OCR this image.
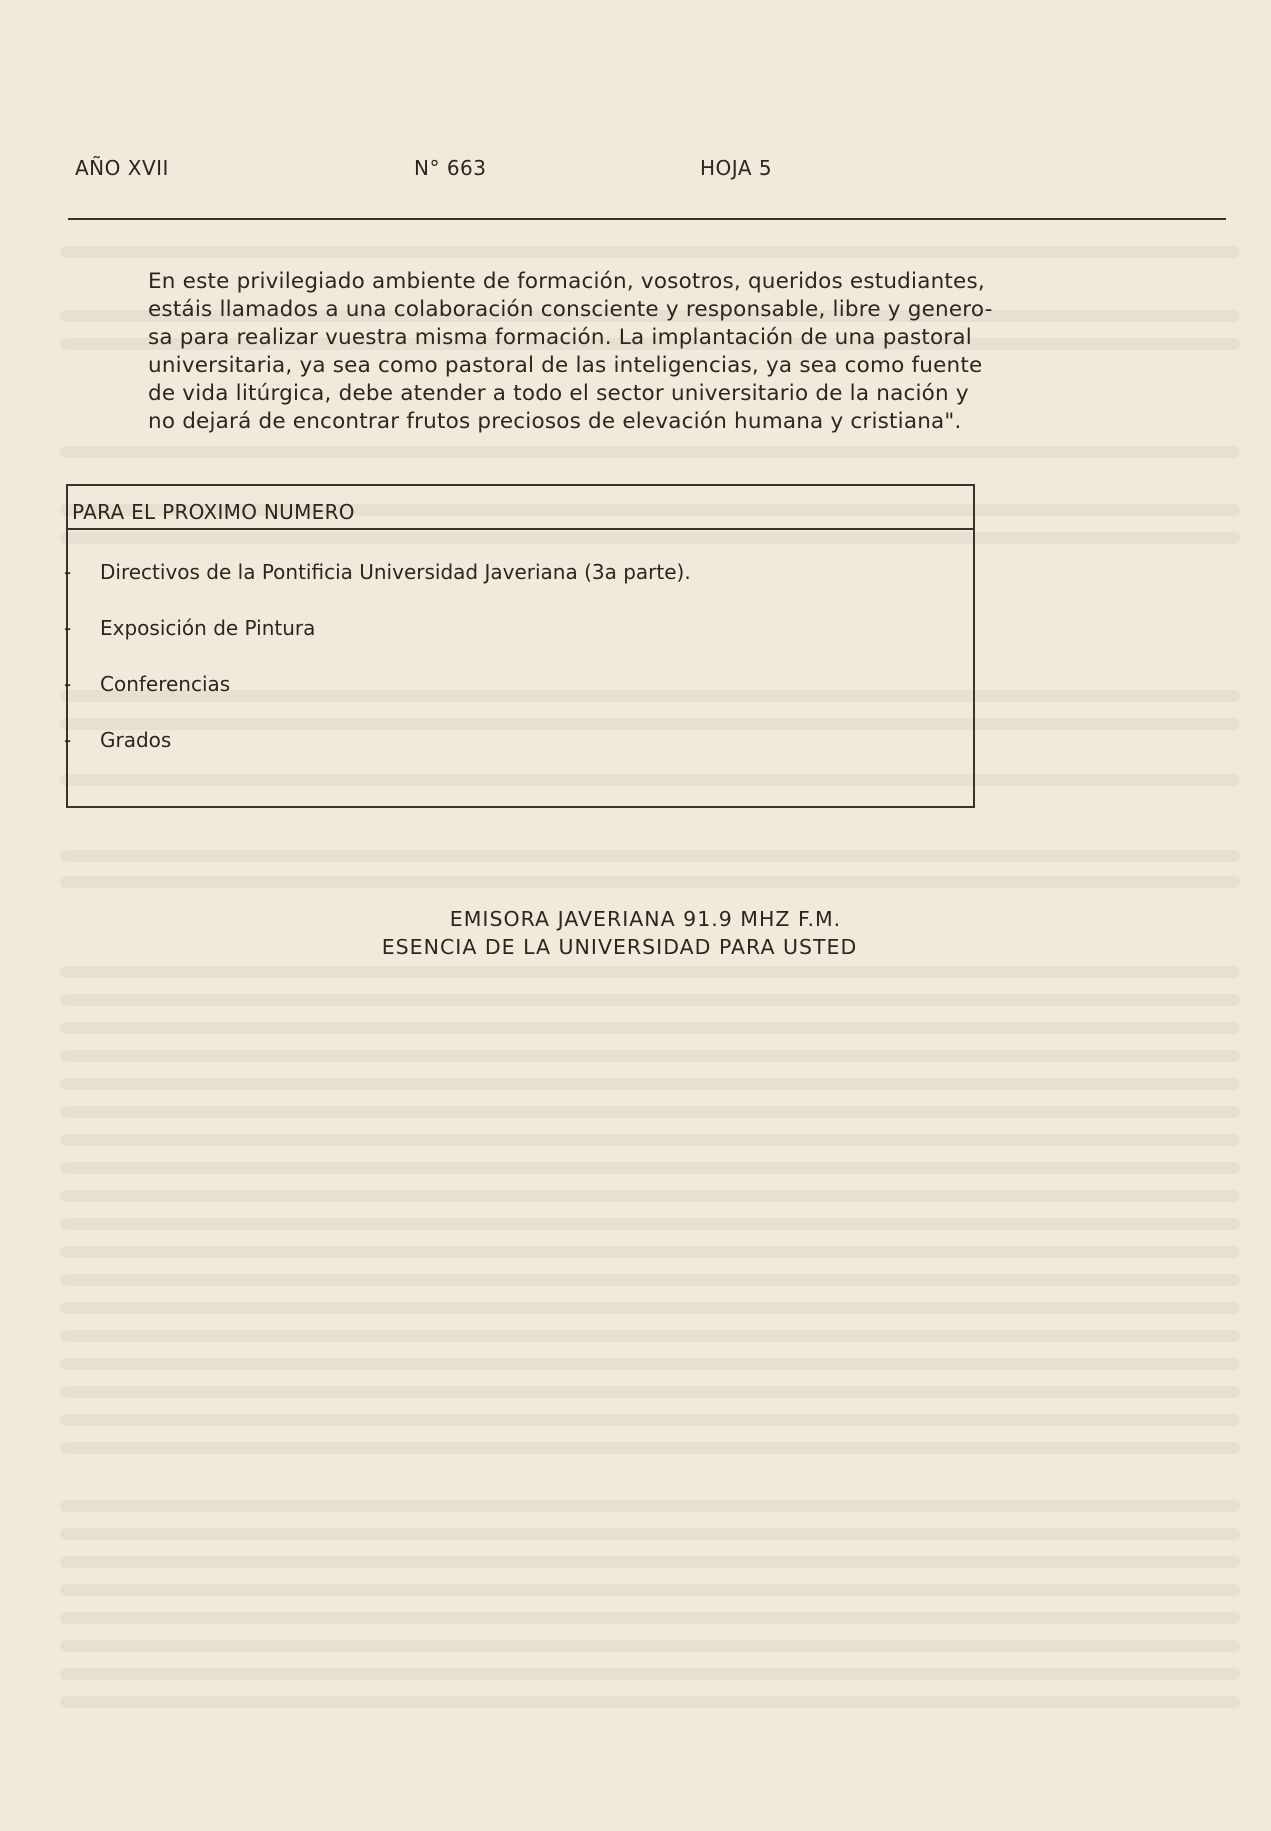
AÑO XVII	N° 663	HOJA 5
En este privilegiado ambiente de formación, vosotros, queridos estudiantes,
estáis llamados a una colaboración consciente y responsable, libre y genero-
sa para realizar vuestra misma formación. La implantación de una pastoral
universitaria, ya sea como pastoral de las inteligencias, ya sea como fuente
de vida litúrgica, debe atender a todo el sector universitario de la nación y
no dejará de encontrar frutos preciosos de elevación humana y cristiana".
PARA EL PROXIMO NUMERO
-	Directivos de la Pontificia Universidad Javeriana (3a parte).
-	Exposición de Pintura
-	Conferencias
-	Grados
EMISORA JAVERIANA 91.9 MHZ F.M.
ESENCIA DE LA UNIVERSIDAD PARA USTED
